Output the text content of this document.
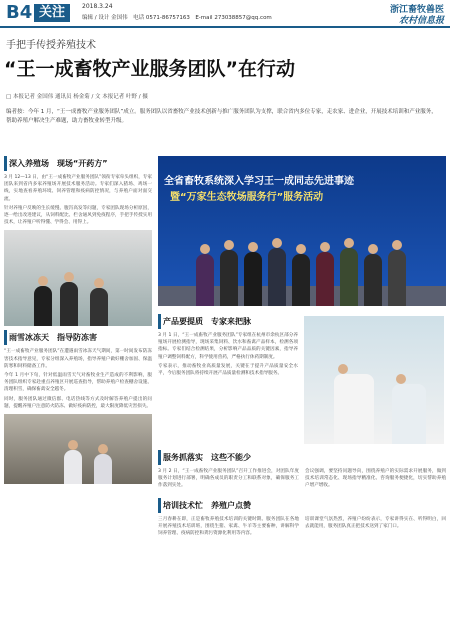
B4 关注	2018.3.24
编辑 / 设计 金国伟　电话 0571-86757163　E-mail 273038857@qq.com
浙江畜牧兽医
农村信息报
手把手传授养殖技术
“王一成畜牧产业服务团队”在行动
□ 本报记者 金国伟 通讯员 杨金菊 / 文 本报记者 叶野 / 摄
编者按：今年 1 月，“王一成畜牧产业服务团队”成立。服务团队以省畜牧产业技术创新与推广服务团队为支撑，联合省内多位专家，走农家、进企业，开展技术培训和产业服务，帮助养殖户解决生产难题，助力畜牧业转型升级。
深入养殖场　现场“开药方”

3 月 12—13 日，由“王一成畜牧产业服务团队”领衔专家牵头组织，专家团队来到省内多家养殖场开展技术服务活动。专家们深入猪场、鸡场一线，实地查看养殖环境、饲养管理和疫病防控情况，与养殖户面对面交流。

针对养殖户反映的生长缓慢、腹泻高发等问题，专家团队现场分析原因，逐一给出改进建议，从饲料配比、栏舍通风到免疫程序，手把手传授实用技术，让养殖户听得懂、学得会、用得上。

雨雪冰冻天　指导防冻害

“王一成畜牧产业服务团队”在遭遇雨雪冰冻天气期间，第一时间发布防冻害技术指导意见，专家分组深入养殖场，指导养殖户做好棚舍加固、保温防寒和饲料储备工作。

今年 1 月中下旬，针对低温雨雪天气对畜牧业生产造成的不利影响，服务团队组织专家赴重点养殖区开展巡查指导，帮助养殖户检查棚舍设施、清理积雪，确保畜禽安全越冬。

同时，服务团队通过微信群、电话热线等方式及时解答养殖户提出的问题，提醒养殖户注意防火防冻、做好疫病防控，最大限度降低灾害损失。

全省畜牧系统深入学习王一成同志先进事迹
暨“万家生态牧场服务行”服务活动
产品要提质　专家来把脉

3 月 1 日，“王一成畜牧产业服务团队”专家组在杭州市余杭区部分养殖场开展检测指导，现场采集饲料、饮水和畜禽产品样本，检测各项指标。专家们结合检测结果，分析影响产品品质的关键因素，指导养殖户调整饲料配方，科学使用兽药，严格执行休药期制度。

专家表示，推动畜牧业高质量发展，关键在于提升产品质量安全水平，今后服务团队将持续开展产品质量检测和技术指导服务。

服务抓落实　这些不能少

3 月 2 日，“王一成畜牧产业服务团队”召开工作推进会，对团队年度服务计划进行部署，明确各成员的职责分工和联系对象，确保服务工作落到实处。

会议强调，要坚持问题导向，围绕养殖户的实际需求开展服务，做到技术培训常态化、现场指导精准化、咨询服务便捷化，切实帮助养殖户增产增收。

培训技术忙　养殖户点赞

三月春耕在即，正是畜牧养殖技术培训的关键时期。服务团队在各地开展养殖技术培训班，围绕生猪、家禽、牛羊等主要畜种，讲解科学饲养管理、疫病防控和粪污资源化利用等内容。

培训课堂气氛热烈，养殖户纷纷表示，专家讲得实在、听得明白，回去就能用，服务团队真正把技术送到了家门口。
